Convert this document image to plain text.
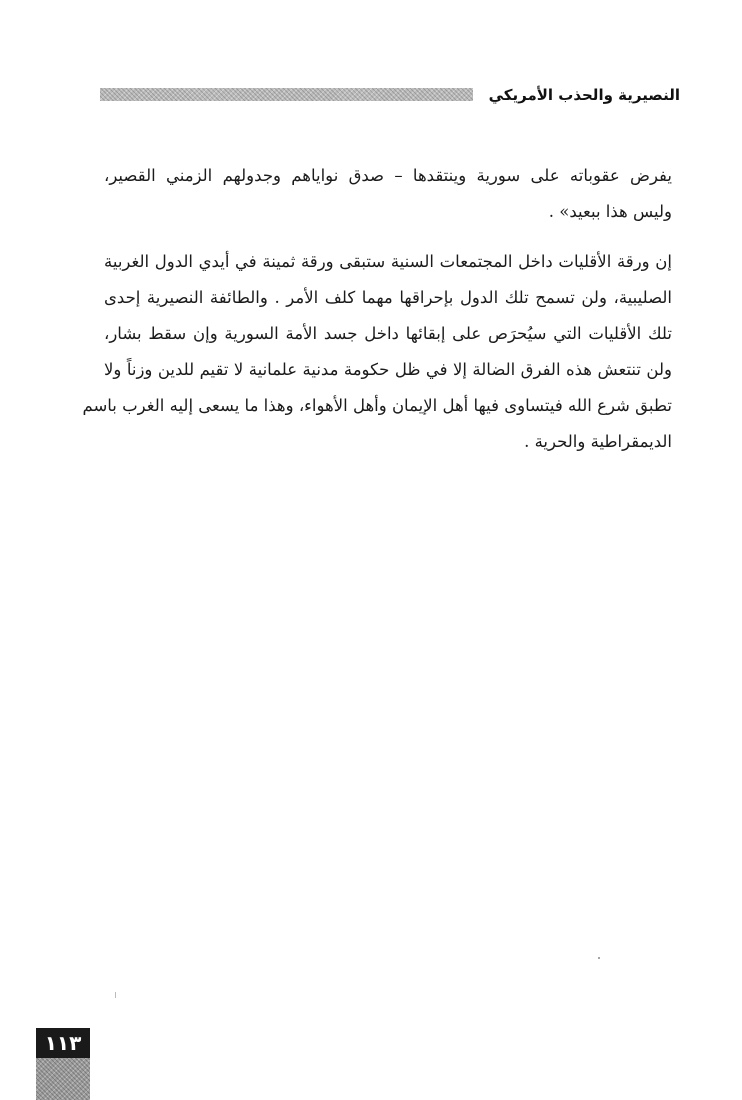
النصيرية والحذب الأمريكي

يفرض عقوباته على سورية وينتقدها – صدق نواياهم وجدولهم الزمني القصير،
وليس هذا ببعيد» .

إن ورقة الأقليات داخل المجتمعات السنية ستبقى ورقة ثمينة في أيدي الدول الغربية
الصليبية، ولن تسمح تلك الدول بإحراقها مهما كلف الأمر . والطائفة النصيرية إحدى
تلك الأقليات التي سيُحرَص على إبقائها داخل جسد الأمة السورية وإن سقط بشار،
ولن تنتعش هذه الفرق الضالة إلا في ظل حكومة مدنية علمانية لا تقيم للدين وزناً ولا
تطبق شرع الله فيتساوى فيها أهل الإيمان وأهل الأهواء، وهذا ما يسعى إليه الغرب باسم
الديمقراطية والحرية .

١١٣
